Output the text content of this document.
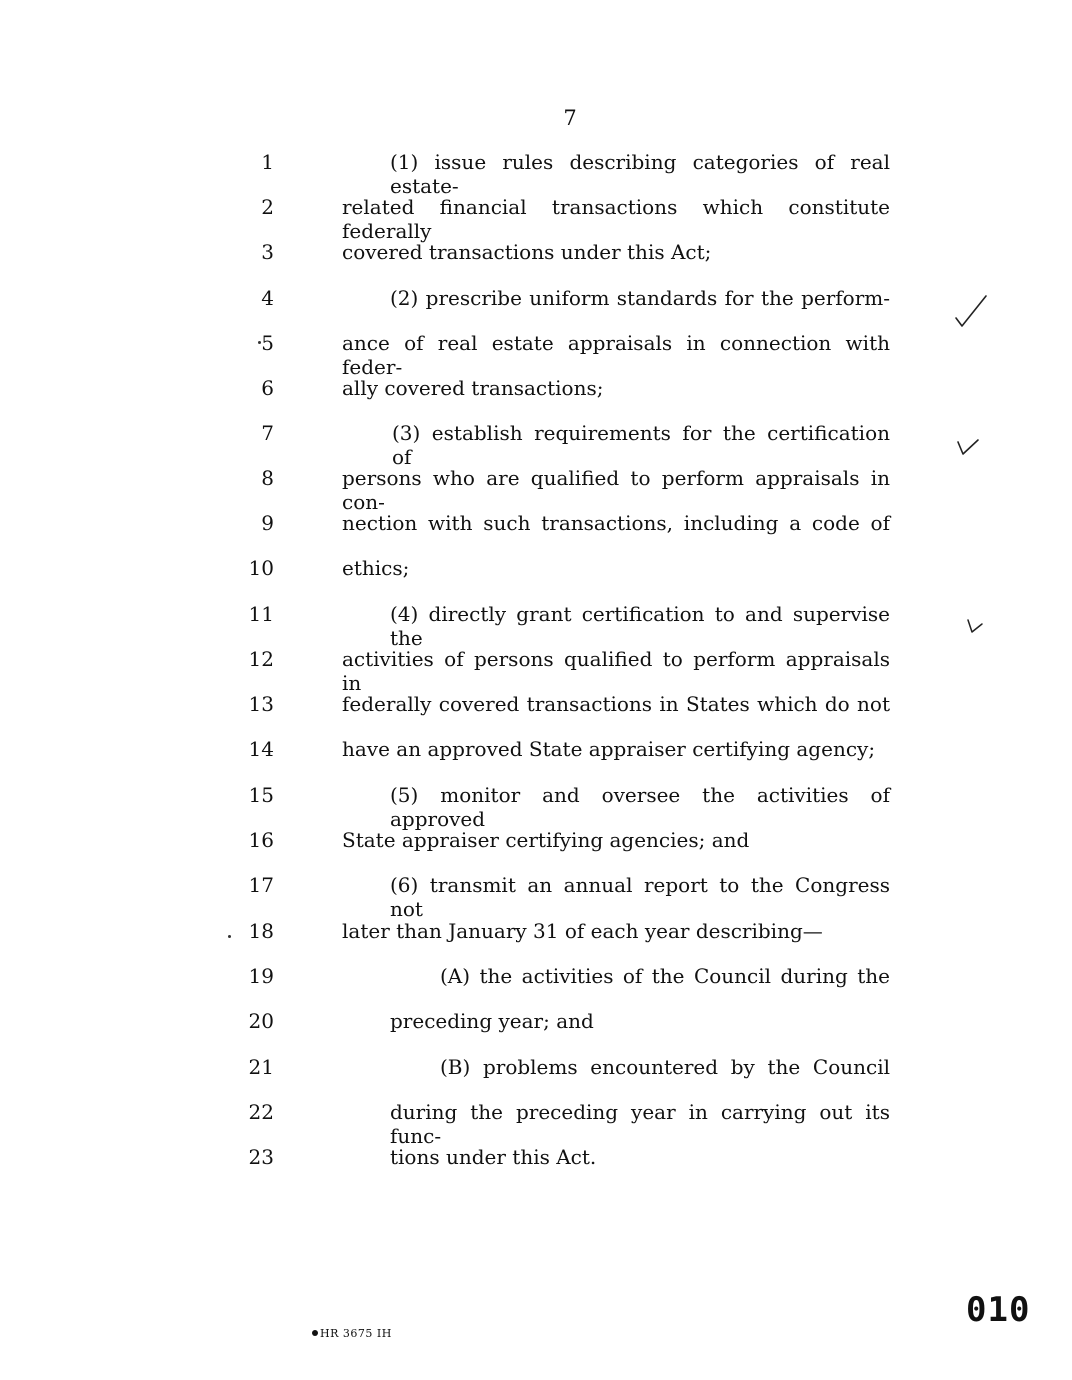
7
1
2
3
4
5
6
7
8
9
10
11
12
13
14
15
16
17
18
19
20
21
22
23
(1) issue rules describing categories of real estate-
related financial transactions which constitute federally
covered transactions under this Act;
(2) prescribe uniform standards for the perform-
ance of real estate appraisals in connection with feder-
ally covered transactions;
(3) establish requirements for the certification of
persons who are qualified to perform appraisals in con-
nection with such transactions, including a code of
ethics;
(4) directly grant certification to and supervise the
activities of persons qualified to perform appraisals in
federally covered transactions in States which do not
have an approved State appraiser certifying agency;
(5) monitor and oversee the activities of approved
State appraiser certifying agencies; and
(6) transmit an annual report to the Congress not
later than January 31 of each year describing—
(A) the activities of the Council during the
preceding year; and
(B) problems encountered by the Council
during the preceding year in carrying out its func-
tions under this Act.
010
HR 3675 IH
